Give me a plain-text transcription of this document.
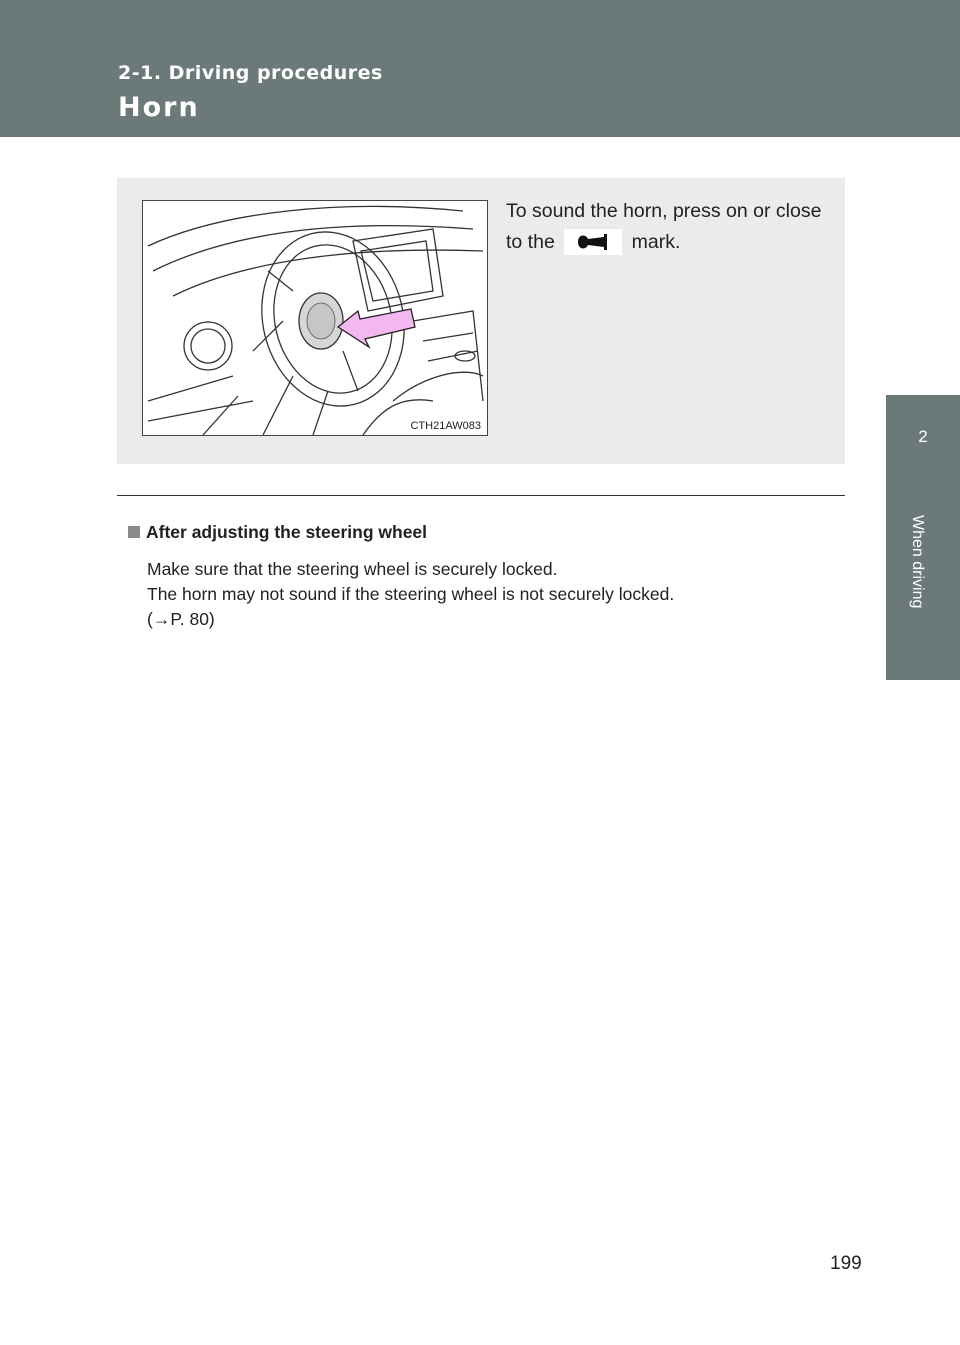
2-1. Driving procedures
Horn
2
When driving
CTH21AW083
To sound the horn, press on or close to the	mark.
After adjusting the steering wheel
Make sure that the steering wheel is securely locked.
The horn may not sound if the steering wheel is not securely locked.
(→P. 80)
199
